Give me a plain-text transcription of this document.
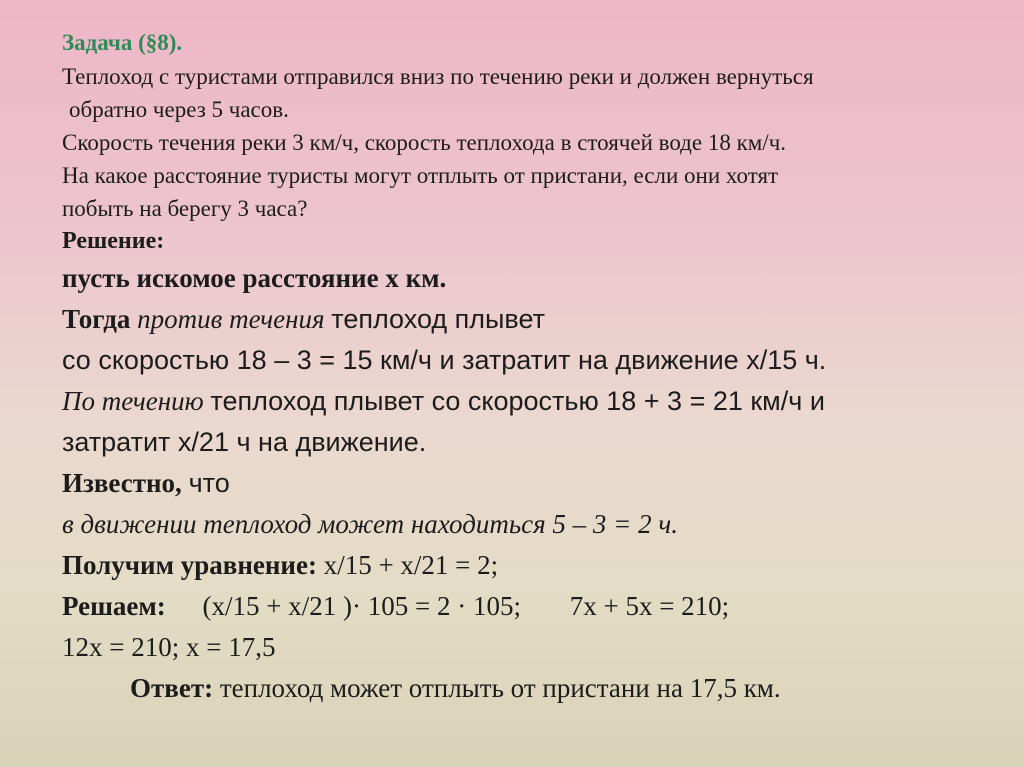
Задача (§8).
Теплоход с туристами отправился вниз по течению реки и должен вернуться
обратно через 5 часов.
Скорость течения реки 3 км/ч, скорость теплохода в стоячей воде 18 км/ч.
На какое расстояние туристы могут отплыть от пристани, если они хотят
побыть на берегу 3 часа?
Решение:
пусть искомое расстояние х км.
Тогда против течения теплоход плывет
со скоростью 18 – 3 = 15 км/ч и затратит на движение х/15 ч.
По течению теплоход плывет со скоростью 18 + 3 = 21 км/ч и
затратит х/21 ч на движение.
Известно, что
в движении теплоход может находиться 5 – 3 = 2 ч.
Получим уравнение: х/15 + х/21 = 2;
Решаем: (х/15 + х/21 )· 105 = 2 · 105; 7х + 5х = 210;
12х = 210; х = 17,5
Ответ: теплоход может отплыть от пристани на 17,5 км.
